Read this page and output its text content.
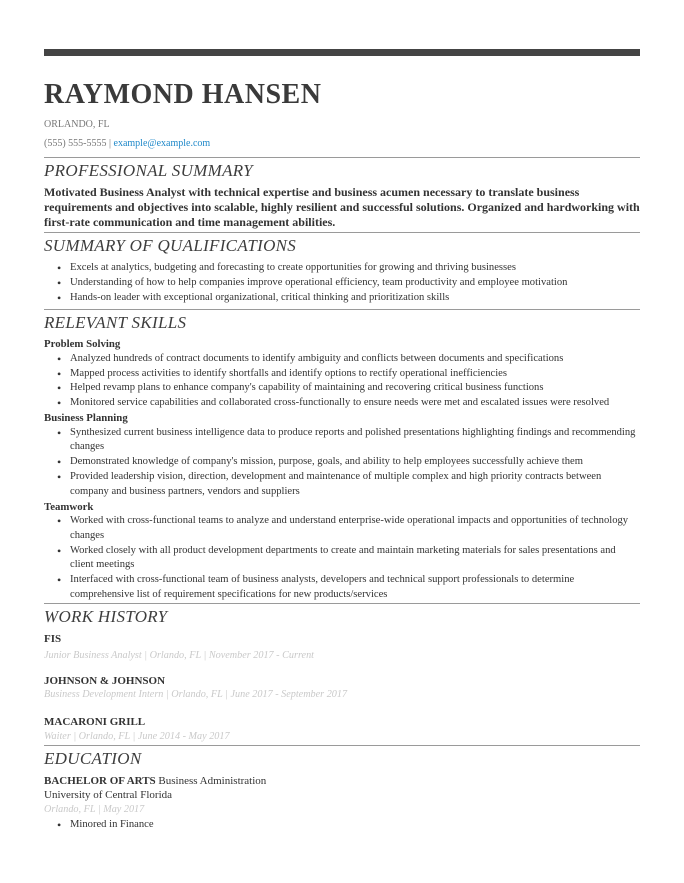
RAYMOND HANSEN
ORLANDO, FL
(555) 555-5555 | example@example.com
PROFESSIONAL SUMMARY
Motivated Business Analyst with technical expertise and business acumen necessary to translate business requirements and objectives into scalable, highly resilient and successful solutions. Organized and hardworking with first-rate communication and time management abilities.
SUMMARY OF QUALIFICATIONS
• Excels at analytics, budgeting and forecasting to create opportunities for growing and thriving businesses
• Understanding of how to help companies improve operational efficiency, team productivity and employee motivation
• Hands-on leader with exceptional organizational, critical thinking and prioritization skills
RELEVANT SKILLS
Problem Solving
• Analyzed hundreds of contract documents to identify ambiguity and conflicts between documents and specifications
• Mapped process activities to identify shortfalls and identify options to rectify operational inefficiencies
• Helped revamp plans to enhance company's capability of maintaining and recovering critical business functions
• Monitored service capabilities and collaborated cross-functionally to ensure needs were met and escalated issues were resolved
Business Planning
• Synthesized current business intelligence data to produce reports and polished presentations highlighting findings and recommending changes
• Demonstrated knowledge of company's mission, purpose, goals, and ability to help employees successfully achieve them
• Provided leadership vision, direction, development and maintenance of multiple complex and high priority contracts between company and business partners, vendors and suppliers
Teamwork
• Worked with cross-functional teams to analyze and understand enterprise-wide operational impacts and opportunities of technology changes
• Worked closely with all product development departments to create and maintain marketing materials for sales presentations and client meetings
• Interfaced with cross-functional team of business analysts, developers and technical support professionals to determine comprehensive list of requirement specifications for new products/services
WORK HISTORY
FIS
Junior Business Analyst | Orlando, FL | November 2017 - Current
JOHNSON & JOHNSON
Business Development Intern | Orlando, FL | June 2017 - September 2017
MACARONI GRILL
Waiter | Orlando, FL | June 2014 - May 2017
EDUCATION
BACHELOR OF ARTS Business Administration
University of Central Florida
Orlando, FL | May 2017
• Minored in Finance
